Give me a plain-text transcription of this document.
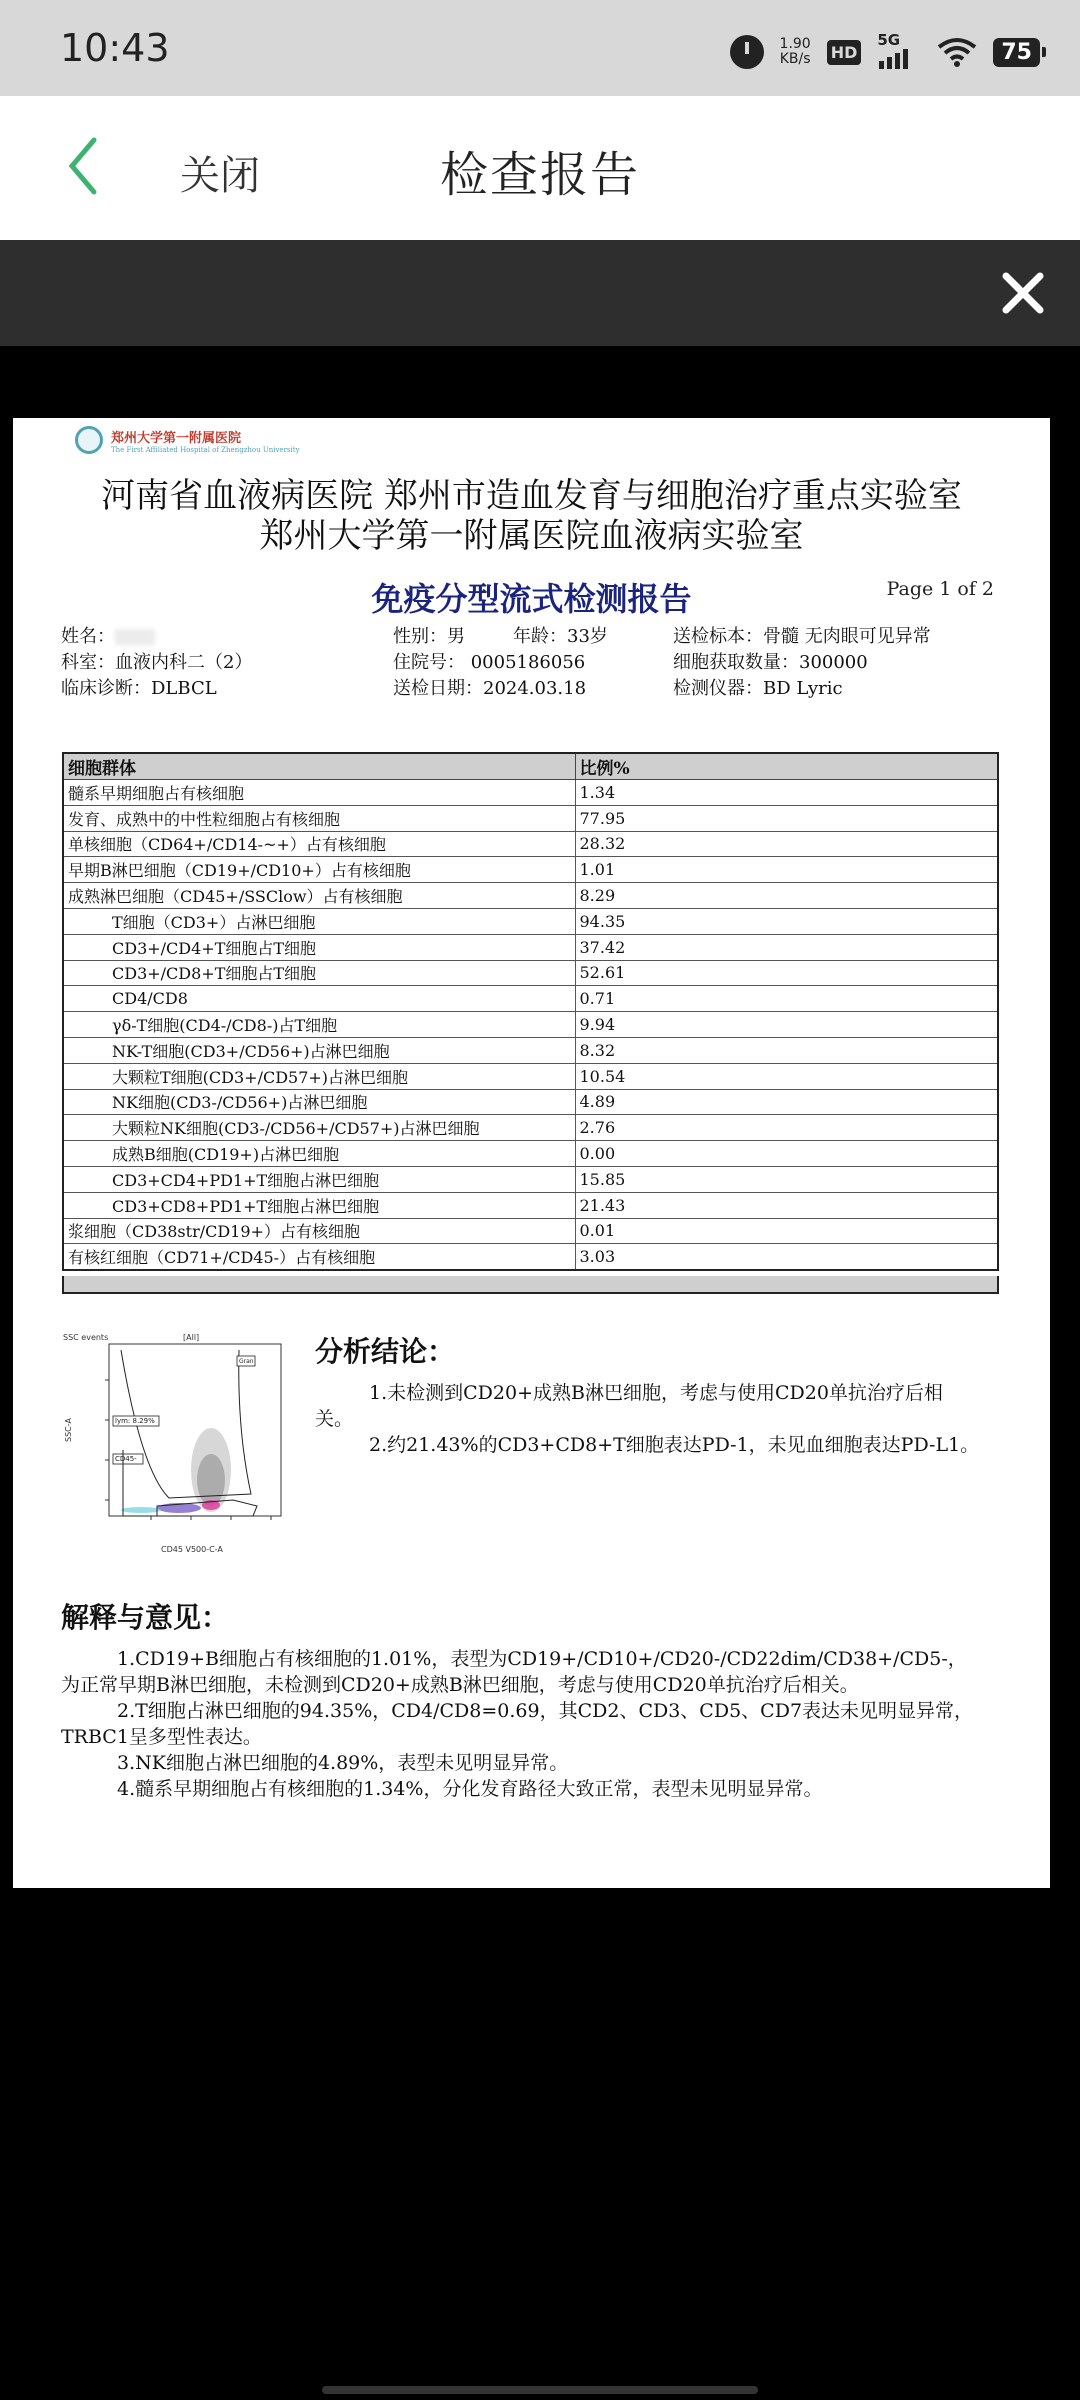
10:43	1.90
KB/s HD
5G	75
关闭	检查报告
郑州大学第一附属医院
The First Affiliated Hospital of Zhengzhou University
河南省血液病医院 郑州市造血发育与细胞治疗重点实验室
郑州大学第一附属医院血液病实验室
免疫分型流式检测报告	Page 1 of 2
姓名：	性别：男	年龄：33岁	送检标本：骨髓 无肉眼可见异常
科室：血液内科二（2）	住院号： 0005186056	细胞获取数量：300000
临床诊断：DLBCL	送检日期：2024.03.18	检测仪器：BD Lyric
细胞群体	比例%
髓系早期细胞占有核细胞	1.34
发育、成熟中的中性粒细胞占有核细胞	77.95
单核细胞（CD64+/CD14-~+）占有核细胞	28.32
早期B淋巴细胞（CD19+/CD10+）占有核细胞	1.01
成熟淋巴细胞（CD45+/SSClow）占有核细胞	8.29
T细胞（CD3+）占淋巴细胞	94.35
CD3+/CD4+T细胞占T细胞	37.42
CD3+/CD8+T细胞占T细胞	52.61
CD4/CD8	0.71
γδ-T细胞(CD4-/CD8-)占T细胞	9.94
NK-T细胞(CD3+/CD56+)占淋巴细胞	8.32
大颗粒T细胞(CD3+/CD57+)占淋巴细胞	10.54
NK细胞(CD3-/CD56+)占淋巴细胞	4.89
大颗粒NK细胞(CD3-/CD56+/CD57+)占淋巴细胞	2.76
成熟B细胞(CD19+)占淋巴细胞	0.00
CD3+CD4+PD1+T细胞占淋巴细胞	15.85
CD3+CD8+PD1+T细胞占淋巴细胞	21.43
浆细胞（CD38str/CD19+）占有核细胞	0.01
有核红细胞（CD71+/CD45-）占有核细胞	3.03
SSC events	[All]
Gran
lym: 8.29%
CD45-
SSC-A
CD45 V500-C-A
分析结论：
1.未检测到CD20+成熟B淋巴细胞，考虑与使用CD20单抗治疗后相
关。
2.约21.43%的CD3+CD8+T细胞表达PD-1，未见血细胞表达PD-L1。
解释与意见：
1.CD19+B细胞占有核细胞的1.01%，表型为CD19+/CD10+/CD20-/CD22dim/CD38+/CD5-，
为正常早期B淋巴细胞，未检测到CD20+成熟B淋巴细胞，考虑与使用CD20单抗治疗后相关。
2.T细胞占淋巴细胞的94.35%，CD4/CD8=0.69，其CD2、CD3、CD5、CD7表达未见明显异常，
TRBC1呈多型性表达。
3.NK细胞占淋巴细胞的4.89%，表型未见明显异常。
4.髓系早期细胞占有核细胞的1.34%，分化发育路径大致正常，表型未见明显异常。
